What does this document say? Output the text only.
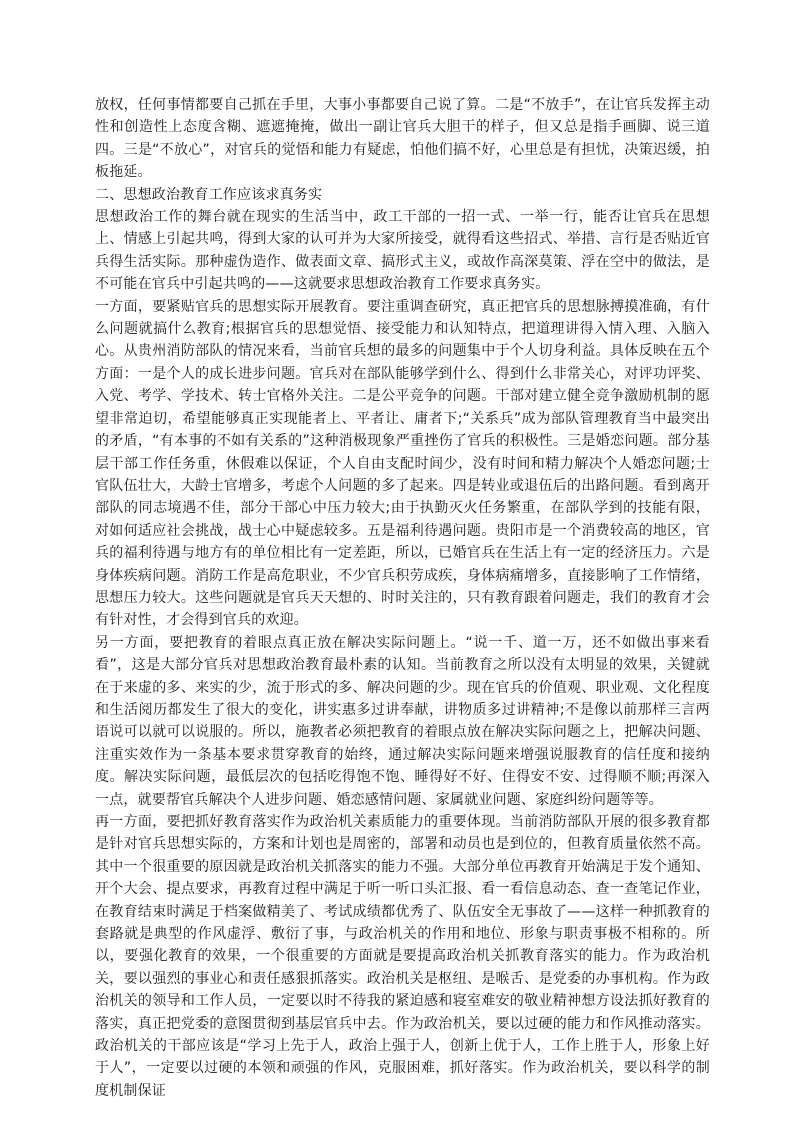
放权，任何事情都要自己抓在手里，大事小事都要自己说了算。二是“不放手”，在让官兵发挥主动性和创造性上态度含糊、遮遮掩掩，做出一副让官兵大胆干的样子，但又总是指手画脚、说三道四。三是“不放心”，对官兵的觉悟和能力有疑虑，怕他们搞不好，心里总是有担忧，决策迟缓，拍板拖延。

二、思想政治教育工作应该求真务实

思想政治工作的舞台就在现实的生活当中，政工干部的一招一式、一举一行，能否让官兵在思想上、情感上引起共鸣，得到大家的认可并为大家所接受，就得看这些招式、举措、言行是否贴近官兵得生活实际。那种虚伪造作、做表面文章、搞形式主义，或故作高深莫策、浮在空中的做法，是不可能在官兵中引起共鸣的——这就要求思想政治教育工作要求真务实。

一方面，要紧贴官兵的思想实际开展教育。要注重调查研究，真正把官兵的思想脉搏摸准确，有什么问题就搞什么教育;根据官兵的思想觉悟、接受能力和认知特点，把道理讲得入情入理、入脑入心。从贵州消防部队的情况来看，当前官兵想的最多的问题集中于个人切身利益。具体反映在五个方面：一是个人的成长进步问题。官兵对在部队能够学到什么、得到什么非常关心，对评功评奖、入党、考学、学技术、转士官格外关注。二是公平竞争的问题。干部对建立健全竞争激励机制的愿望非常迫切，希望能够真正实现能者上、平者让、庸者下;“关系兵”成为部队管理教育当中最突出的矛盾，“有本事的不如有关系的”这种消极现象严重挫伤了官兵的积极性。三是婚恋问题。部分基层干部工作任务重，休假难以保证，个人自由支配时间少，没有时间和精力解决个人婚恋问题;士官队伍壮大，大龄士官增多，考虑个人问题的多了起来。四是转业或退伍后的出路问题。看到离开部队的同志境遇不佳，部分干部心中压力较大;由于执勤灭火任务繁重，在部队学到的技能有限，对如何适应社会挑战，战士心中疑虑较多。五是福利待遇问题。贵阳市是一个消费较高的地区，官兵的福利待遇与地方有的单位相比有一定差距，所以，已婚官兵在生活上有一定的经济压力。六是身体疾病问题。消防工作是高危职业，不少官兵积劳成疾，身体病痛增多，直接影响了工作情绪，思想压力较大。这些问题就是官兵天天想的、时时关注的，只有教育跟着问题走，我们的教育才会有针对性，才会得到官兵的欢迎。

另一方面，要把教育的着眼点真正放在解决实际问题上。“说一千、道一万，还不如做出事来看看”，这是大部分官兵对思想政治教育最朴素的认知。当前教育之所以没有太明显的效果，关键就在于来虚的多、来实的少，流于形式的多、解决问题的少。现在官兵的价值观、职业观、文化程度和生活阅历都发生了很大的变化，讲实惠多过讲奉献，讲物质多过讲精神;不是像以前那样三言两语说可以就可以说服的。所以，施教者必须把教育的着眼点放在解决实际问题之上，把解决问题、注重实效作为一条基本要求贯穿教育的始终，通过解决实际问题来增强说服教育的信任度和接纳度。解决实际问题，最低层次的包括吃得饱不饱、睡得好不好、住得安不安、过得顺不顺;再深入一点，就要帮官兵解决个人进步问题、婚恋感情问题、家属就业问题、家庭纠纷问题等等。

再一方面，要把抓好教育落实作为政治机关素质能力的重要体现。当前消防部队开展的很多教育都是针对官兵思想实际的，方案和计划也是周密的，部署和动员也是到位的，但教育质量依然不高。其中一个很重要的原因就是政治机关抓落实的能力不强。大部分单位再教育开始满足于发个通知、开个大会、提点要求，再教育过程中满足于听一听口头汇报、看一看信息动态、查一查笔记作业，在教育结束时满足于档案做精美了、考试成绩都优秀了、队伍安全无事故了——这样一种抓教育的套路就是典型的作风虚浮、敷衍了事，与政治机关的作用和地位、形象与职责事极不相称的。所以，要强化教育的效果，一个很重要的方面就是要提高政治机关抓教育落实的能力。作为政治机关，要以强烈的事业心和责任感狠抓落实。政治机关是枢纽、是喉舌、是党委的办事机构。作为政治机关的领导和工作人员，一定要以时不待我的紧迫感和寝室难安的敬业精神想方设法抓好教育的落实，真正把党委的意图贯彻到基层官兵中去。作为政治机关，要以过硬的能力和作风推动落实。政治机关的干部应该是“学习上先于人，政治上强于人，创新上优于人，工作上胜于人，形象上好于人”，一定要以过硬的本领和顽强的作风，克服困难，抓好落实。作为政治机关，要以科学的制度机制保证
